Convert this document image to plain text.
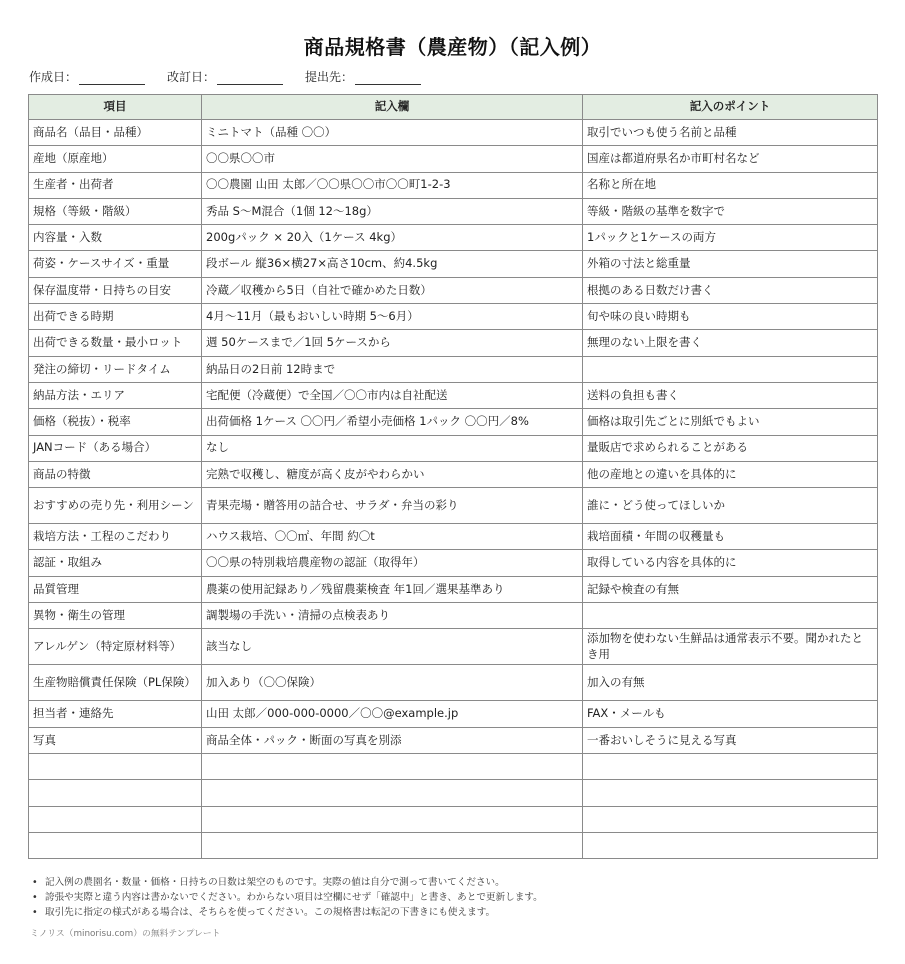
商品規格書（農産物）（記入例）
作成日：	改訂日：	提出先：
項目	記入欄	記入のポイント
商品名（品目・品種）	ミニトマト（品種 〇〇）	取引でいつも使う名前と品種
産地（原産地）	〇〇県〇〇市	国産は都道府県名か市町村名など
生産者・出荷者	〇〇農園 山田 太郎／〇〇県〇〇市〇〇町1-2-3	名称と所在地
規格（等級・階級）	秀品 S〜M混合（1個 12〜18g）	等級・階級の基準を数字で
内容量・入数	200gパック × 20入（1ケース 4kg）	1パックと1ケースの両方
荷姿・ケースサイズ・重量	段ボール 縦36×横27×高さ10cm、約4.5kg	外箱の寸法と総重量
保存温度帯・日持ちの目安	冷蔵／収穫から5日（自社で確かめた日数）	根拠のある日数だけ書く
出荷できる時期	4月〜11月（最もおいしい時期 5〜6月）	旬や味の良い時期も
出荷できる数量・最小ロット	週 50ケースまで／1回 5ケースから	無理のない上限を書く
発注の締切・リードタイム	納品日の2日前 12時まで	
納品方法・エリア	宅配便（冷蔵便）で全国／〇〇市内は自社配送	送料の負担も書く
価格（税抜）・税率	出荷価格 1ケース 〇〇円／希望小売価格 1パック 〇〇円／8%	価格は取引先ごとに別紙でもよい
JANコード（ある場合）	なし	量販店で求められることがある
商品の特徴	完熟で収穫し、糖度が高く皮がやわらかい	他の産地との違いを具体的に
おすすめの売り先・利用シーン	青果売場・贈答用の詰合せ、サラダ・弁当の彩り	誰に・どう使ってほしいか
栽培方法・工程のこだわり	ハウス栽培、〇〇㎡、年間 約〇t	栽培面積・年間の収穫量も
認証・取組み	〇〇県の特別栽培農産物の認証（取得年）	取得している内容を具体的に
品質管理	農薬の使用記録あり／残留農薬検査 年1回／選果基準あり	記録や検査の有無
異物・衛生の管理	調製場の手洗い・清掃の点検表あり	
アレルゲン（特定原材料等）	該当なし	添加物を使わない生鮮品は通常表示不要。聞かれたとき用
生産物賠償責任保険（PL保険）	加入あり（〇〇保険）	加入の有無
担当者・連絡先	山田 太郎／000-000-0000／〇〇@example.jp	FAX・メールも
写真	商品全体・パック・断面の写真を別添	一番おいしそうに見える写真

• 記入例の農園名・数量・価格・日持ちの日数は架空のものです。実際の値は自分で測って書いてください。
• 誇張や実際と違う内容は書かないでください。わからない項目は空欄にせず「確認中」と書き、あとで更新します。
• 取引先に指定の様式がある場合は、そちらを使ってください。この規格書は転記の下書きにも使えます。
ミノリス（minorisu.com）の無料テンプレート
